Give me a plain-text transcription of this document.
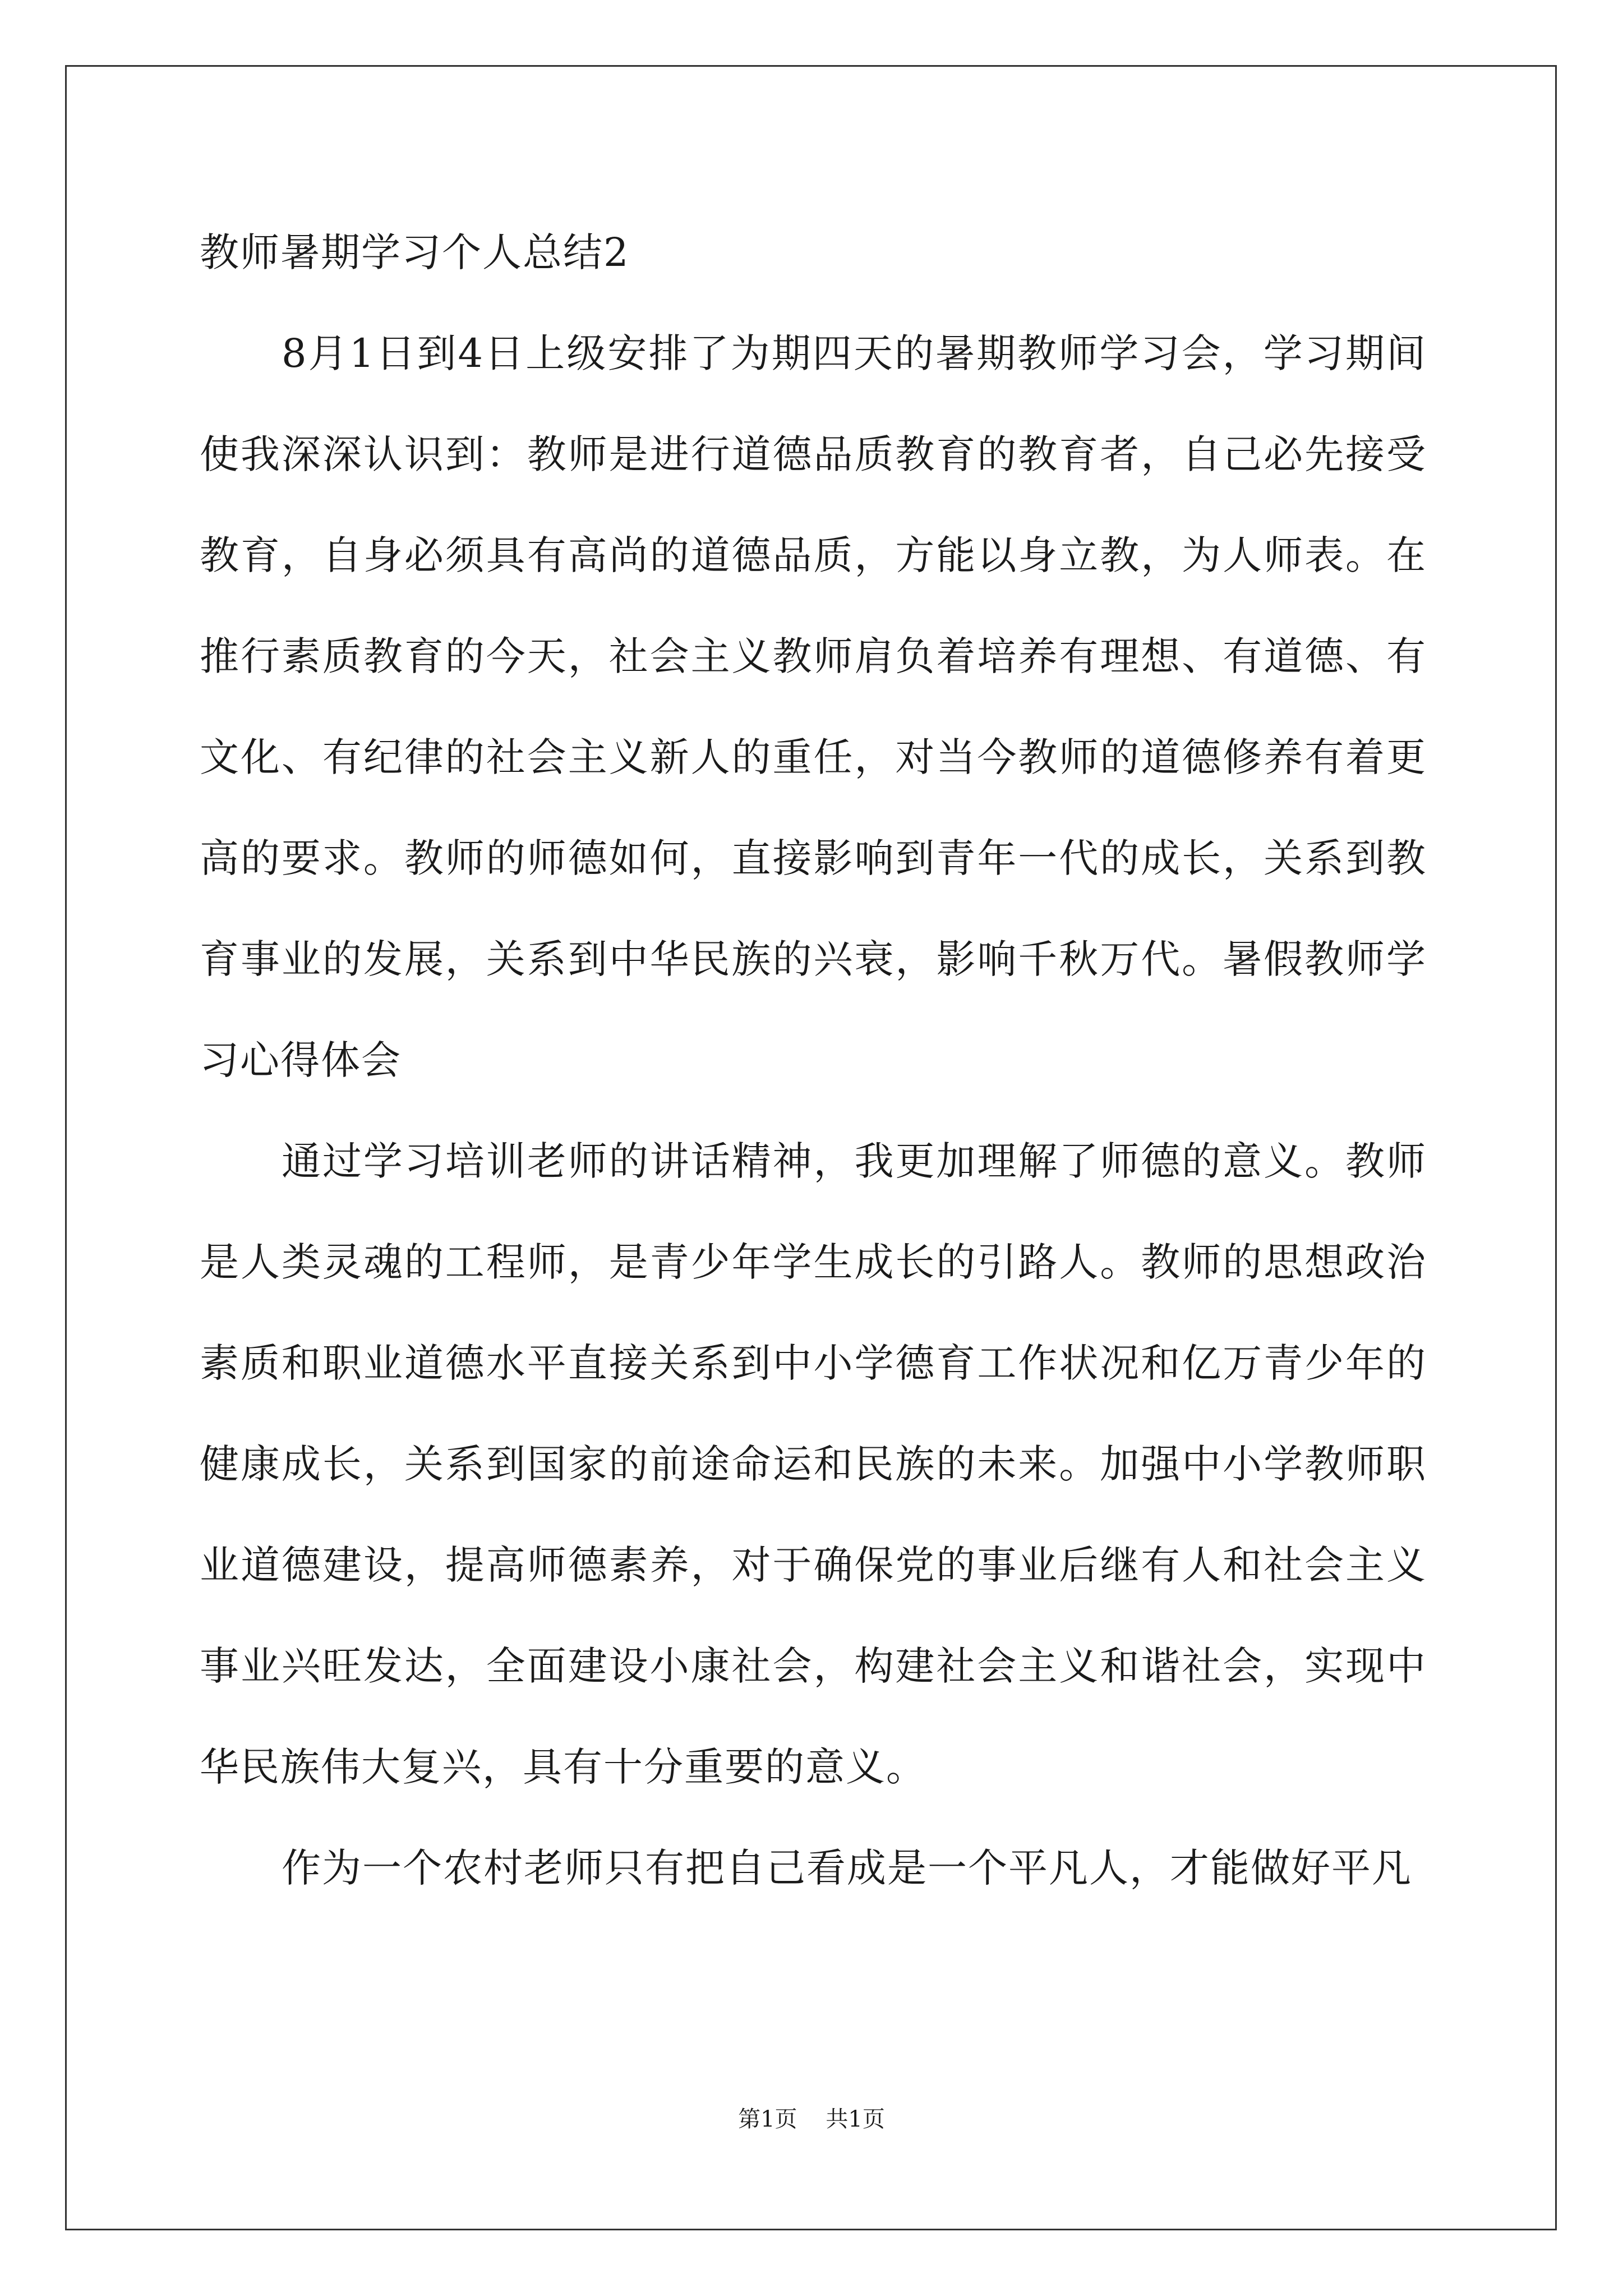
教师暑期学习个人总结2

8月1日到4日上级安排了为期四天的暑期教师学习会，学习期间使我深深认识到：教师是进行道德品质教育的教育者，自己必先接受教育，自身必须具有高尚的道德品质，方能以身立教，为人师表。在推行素质教育的今天，社会主义教师肩负着培养有理想、有道德、有文化、有纪律的社会主义新人的重任，对当今教师的道德修养有着更高的要求。教师的师德如何，直接影响到青年一代的成长，关系到教育事业的发展，关系到中华民族的兴衰，影响千秋万代。暑假教师学习心得体会

通过学习培训老师的讲话精神，我更加理解了师德的意义。教师是人类灵魂的工程师，是青少年学生成长的引路人。教师的思想政治素质和职业道德水平直接关系到中小学德育工作状况和亿万青少年的健康成长，关系到国家的前途命运和民族的未来。加强中小学教师职业道德建设，提高师德素养，对于确保党的事业后继有人和社会主义事业兴旺发达，全面建设小康社会，构建社会主义和谐社会，实现中华民族伟大复兴，具有十分重要的意义。

作为一个农村老师只有把自己看成是一个平凡人，才能做好平凡

第1页 共1页
